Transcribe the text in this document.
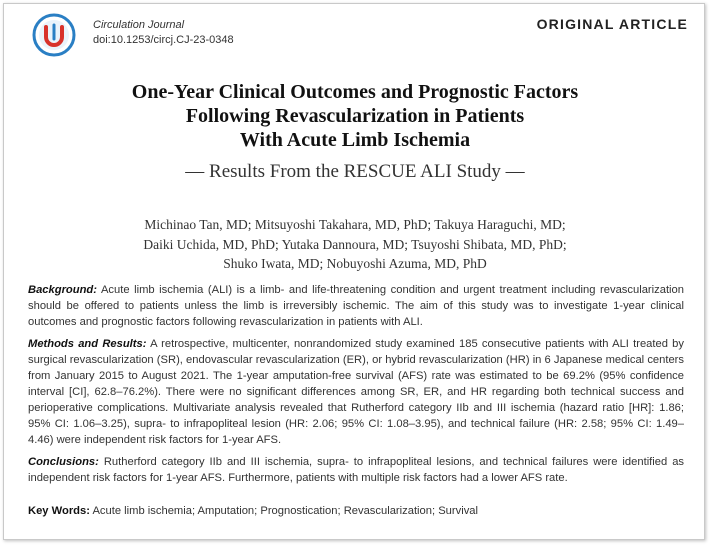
Circulation Journal
doi:10.1253/circj.CJ-23-0348
ORIGINAL ARTICLE
One-Year Clinical Outcomes and Prognostic Factors
Following Revascularization in Patients
With Acute Limb Ischemia
— Results From the RESCUE ALI Study —
Michinao Tan, MD; Mitsuyoshi Takahara, MD, PhD; Takuya Haraguchi, MD;
Daiki Uchida, MD, PhD; Yutaka Dannoura, MD; Tsuyoshi Shibata, MD, PhD;
Shuko Iwata, MD; Nobuyoshi Azuma, MD, PhD

Background: Acute limb ischemia (ALI) is a limb- and life-threatening condition and urgent treatment including revascularization should be offered to patients unless the limb is irreversibly ischemic. The aim of this study was to investigate 1-year clinical outcomes and prognostic factors following revascularization in patients with ALI.

Methods and Results: A retrospective, multicenter, nonrandomized study examined 185 consecutive patients with ALI treated by surgical revascularization (SR), endovascular revascularization (ER), or hybrid revascularization (HR) in 6 Japanese medical centers from January 2015 to August 2021. The 1-year amputation-free survival (AFS) rate was estimated to be 69.2% (95% confidence interval [CI], 62.8–76.2%). There were no significant differences among SR, ER, and HR regarding both technical success and perioperative complications. Multivariate analysis revealed that Rutherford category IIb and III ischemia (hazard ratio [HR]: 1.86; 95% CI: 1.06–3.25), supra- to infrapopliteal lesion (HR: 2.06; 95% CI: 1.08–3.95), and technical failure (HR: 2.58; 95% CI: 1.49–4.46) were independent risk factors for 1-year AFS.

Conclusions: Rutherford category IIb and III ischemia, supra- to infrapopliteal lesions, and technical failures were identified as independent risk factors for 1-year AFS. Furthermore, patients with multiple risk factors had a lower AFS rate.

Key Words: Acute limb ischemia; Amputation; Prognostication; Revascularization; Survival
